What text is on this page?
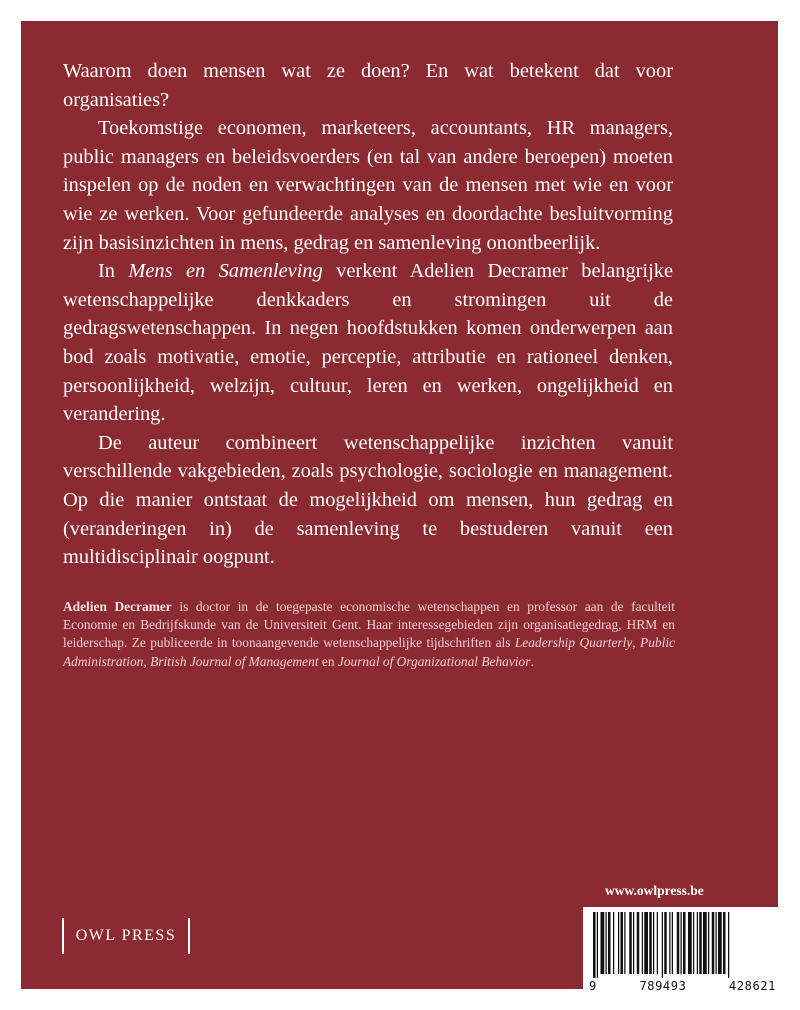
Waarom doen mensen wat ze doen? En wat betekent dat voor organisaties?

Toekomstige economen, marketeers, accountants, HR managers, public managers en beleidsvoerders (en tal van andere beroepen) moeten inspelen op de noden en verwachtingen van de mensen met wie en voor wie ze werken. Voor gefundeerde analyses en doordachte besluitvorming zijn basisinzichten in mens, gedrag en samenleving onontbeerlijk.

In Mens en Samenleving verkent Adelien Decramer belangrijke wetenschappelijke denkkaders en stromingen uit de gedragswetenschappen. In negen hoofdstukken komen onderwerpen aan bod zoals motivatie, emotie, perceptie, attributie en rationeel denken, persoonlijkheid, welzijn, cultuur, leren en werken, ongelijkheid en verandering.

De auteur combineert wetenschappelijke inzichten vanuit verschillende vakgebieden, zoals psychologie, sociologie en management. Op die manier ontstaat de mogelijkheid om mensen, hun gedrag en (veranderingen in) de samenleving te bestuderen vanuit een multidisciplinair oogpunt.

Adelien Decramer is doctor in de toegepaste economische wetenschappen en professor aan de faculteit Economie en Bedrijfskunde van de Universiteit Gent. Haar interessegebieden zijn organisatiegedrag, HRM en leiderschap. Ze publiceerde in toonaangevende wetenschappelijke tijdschriften als Leadership Quarterly, Public Administration, British Journal of Management en Journal of Organizational Behavior.
www.owlpress.be
OWL PRESS
9	789493	428621
